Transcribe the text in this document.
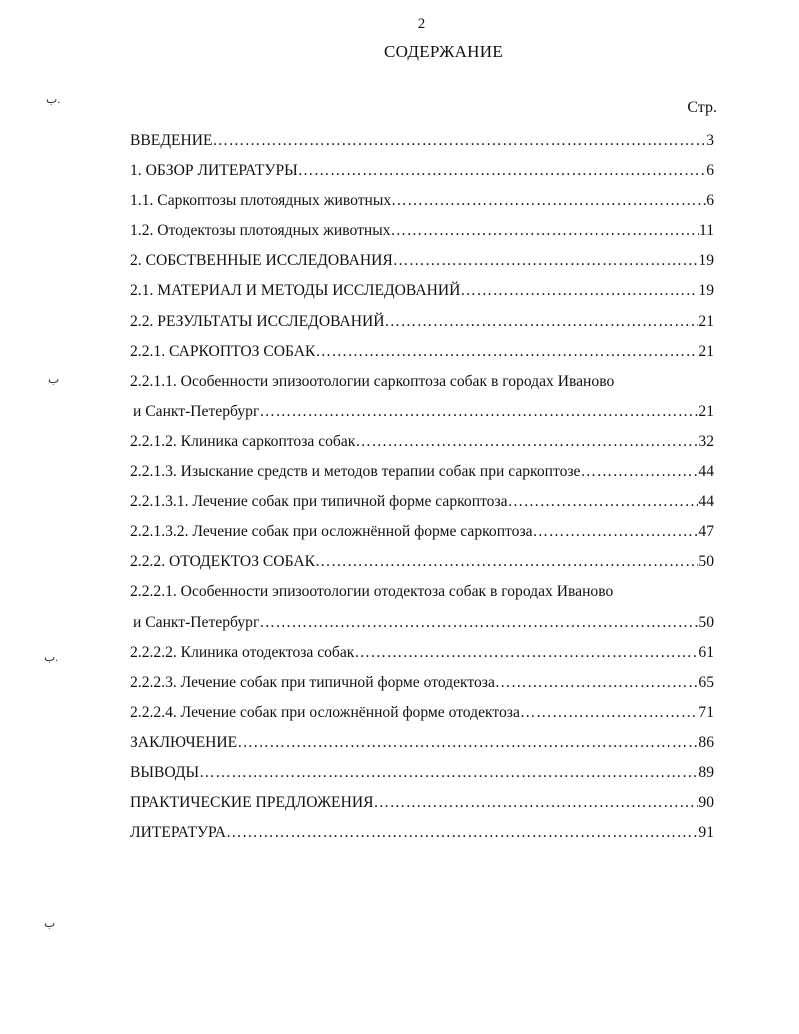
2
СОДЕРЖАНИЕ
Стр.
ВВЕДЕНИЕ ……………………………………………………………………………………………………………………………………………	3
1. ОБЗОР ЛИТЕРАТУРЫ ……………………………………………………………………………………………………………………………………………	6
1.1. Саркоптозы плотоядных животных ……………………………………………………………………………………………………………………………………………	6
1.2. Отодектозы плотоядных животных ……………………………………………………………………………………………………………………………………………	11
2. СОБСТВЕННЫЕ ИССЛЕДОВАНИЯ ……………………………………………………………………………………………………………………………………………	19
2.1. МАТЕРИАЛ И МЕТОДЫ ИССЛЕДОВАНИЙ ……………………………………………………………………………………………………………………………………………	19
2.2. РЕЗУЛЬТАТЫ ИССЛЕДОВАНИЙ ……………………………………………………………………………………………………………………………………………	21
2.2.1. САРКОПТОЗ СОБАК ……………………………………………………………………………………………………………………………………………	21
2.2.1.1. Особенности эпизоотологии саркоптоза собак в городах Иваново
и Санкт-Петербург ……………………………………………………………………………………………………………………………………………	21
2.2.1.2. Клиника саркоптоза собак ……………………………………………………………………………………………………………………………………………	32
2.2.1.3. Изыскание средств и методов терапии собак при саркоптозе ……………………………………………………………………………………………………………………………………………	44
2.2.1.3.1. Лечение собак при типичной форме саркоптоза ……………………………………………………………………………………………………………………………………………	44
2.2.1.3.2. Лечение собак при осложнённой форме саркоптоза ……………………………………………………………………………………………………………………………………………	47
2.2.2. ОТОДЕКТОЗ СОБАК ……………………………………………………………………………………………………………………………………………	50
2.2.2.1. Особенности эпизоотологии отодектоза собак в городах Иваново
и Санкт-Петербург ……………………………………………………………………………………………………………………………………………	50
2.2.2.2. Клиника отодектоза собак ……………………………………………………………………………………………………………………………………………	61
2.2.2.3. Лечение собак при типичной форме отодектоза ……………………………………………………………………………………………………………………………………………	65
2.2.2.4. Лечение собак при осложнённой форме отодектоза ……………………………………………………………………………………………………………………………………………	71
ЗАКЛЮЧЕНИЕ ……………………………………………………………………………………………………………………………………………	86
ВЫВОДЫ ……………………………………………………………………………………………………………………………………………	89
ПРАКТИЧЕСКИЕ ПРЕДЛОЖЕНИЯ ……………………………………………………………………………………………………………………………………………	90
ЛИТЕРАТУРА ……………………………………………………………………………………………………………………………………………	91
ب‌.
ب
ب‌.
ب
